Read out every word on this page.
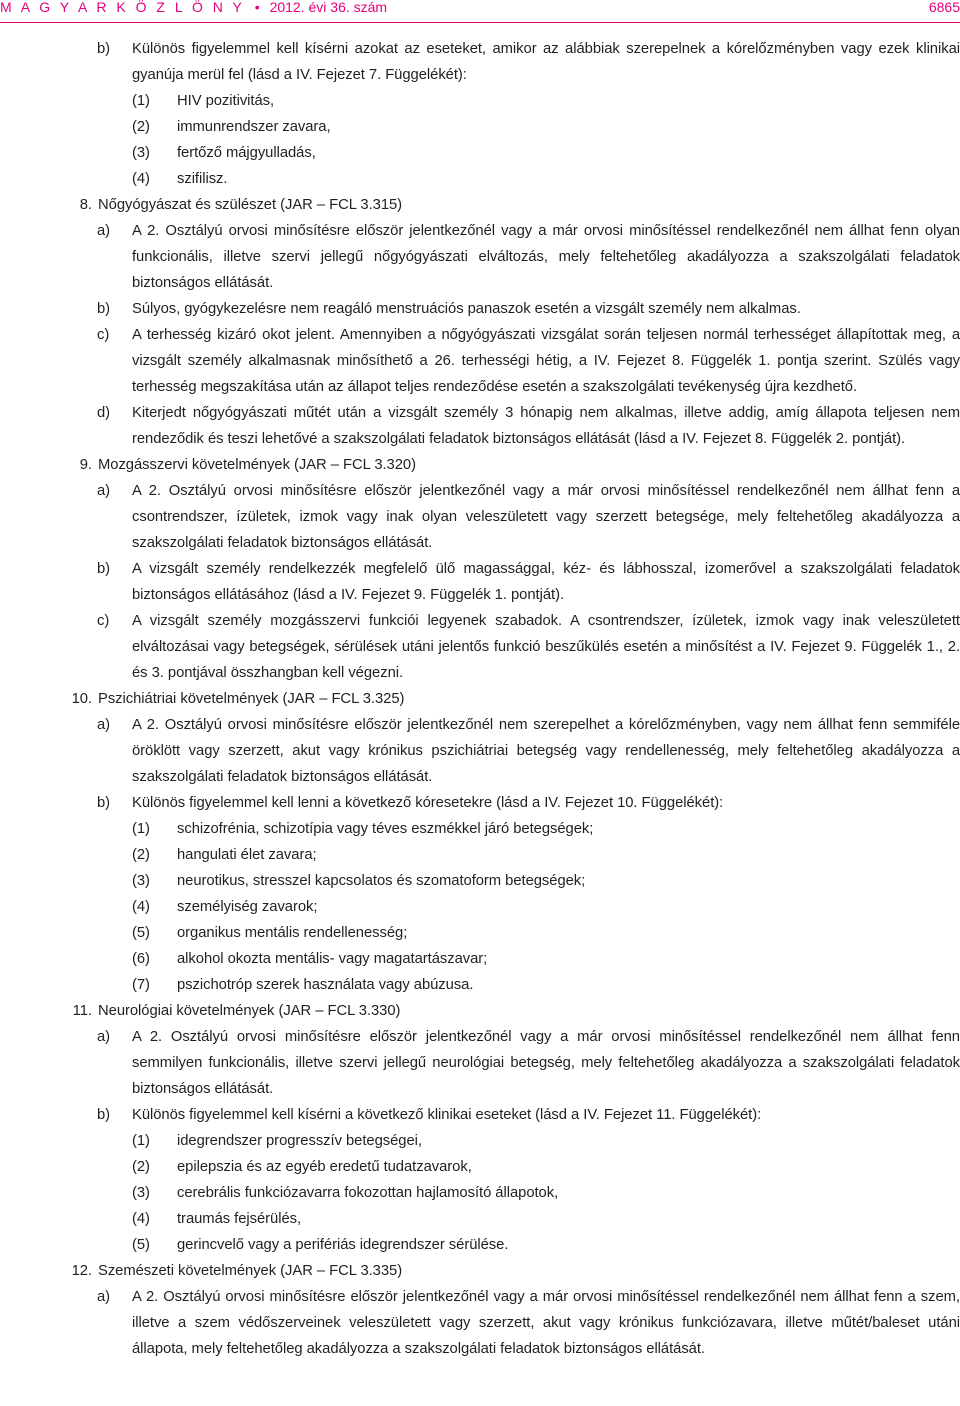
M A G Y A R K Ö Z L Ö N Y • 2012. évi 36. szám	6865
b)	Különös figyelemmel kell kísérni azokat az eseteket, amikor az alábbiak szerepelnek a kórelőzményben vagy ezek klinikai gyanúja merül fel (lásd a IV. Fejezet 7. Függelékét):
(1)	HIV pozitivitás,
(2)	immunrendszer zavara,
(3)	fertőző májgyulladás,
(4)	szifilisz.
8. Nőgyógyászat és szülészet (JAR – FCL 3.315)
a)	A 2. Osztályú orvosi minősítésre először jelentkezőnél vagy a már orvosi minősítéssel rendelkezőnél nem állhat fenn olyan funkcionális, illetve szervi jellegű nőgyógyászati elváltozás, mely feltehetőleg akadályozza a szakszolgálati feladatok biztonságos ellátását.
b)	Súlyos, gyógykezelésre nem reagáló menstruációs panaszok esetén a vizsgált személy nem alkalmas.
c)	A terhesség kizáró okot jelent. Amennyiben a nőgyógyászati vizsgálat során teljesen normál terhességet állapítottak meg, a vizsgált személy alkalmasnak minősíthető a 26. terhességi hétig, a IV. Fejezet 8. Függelék 1. pontja szerint. Szülés vagy terhesség megszakítása után az állapot teljes rendeződése esetén a szakszolgálati tevékenység újra kezdhető.
d)	Kiterjedt nőgyógyászati műtét után a vizsgált személy 3 hónapig nem alkalmas, illetve addig, amíg állapota teljesen nem rendeződik és teszi lehetővé a szakszolgálati feladatok biztonságos ellátását (lásd a IV. Fejezet 8. Függelék 2. pontját).
9. Mozgásszervi követelmények (JAR – FCL 3.320)
a)	A 2. Osztályú orvosi minősítésre először jelentkezőnél vagy a már orvosi minősítéssel rendelkezőnél nem állhat fenn a csontrendszer, ízületek, izmok vagy inak olyan veleszületett vagy szerzett betegsége, mely feltehetőleg akadályozza a szakszolgálati feladatok biztonságos ellátását.
b)	A vizsgált személy rendelkezzék megfelelő ülő magassággal, kéz- és lábhosszal, izomerővel a szakszolgálati feladatok biztonságos ellátásához (lásd a IV. Fejezet 9. Függelék 1. pontját).
c)	A vizsgált személy mozgásszervi funkciói legyenek szabadok. A csontrendszer, ízületek, izmok vagy inak veleszületett elváltozásai vagy betegségek, sérülések utáni jelentős funkció beszűkülés esetén a minősítést a IV. Fejezet 9. Függelék 1., 2. és 3. pontjával összhangban kell végezni.
10. Pszichiátriai követelmények (JAR – FCL 3.325)
a)	A 2. Osztályú orvosi minősítésre először jelentkezőnél nem szerepelhet a kórelőzményben, vagy nem állhat fenn semmiféle öröklött vagy szerzett, akut vagy krónikus pszichiátriai betegség vagy rendellenesség, mely feltehetőleg akadályozza a szakszolgálati feladatok biztonságos ellátását.
b)	Különös figyelemmel kell lenni a következő kóresetekre (lásd a IV. Fejezet 10. Függelékét):
(1)	schizofrénia, schizotípia vagy téves eszmékkel járó betegségek;
(2)	hangulati élet zavara;
(3)	neurotikus, stresszel kapcsolatos és szomatoform betegségek;
(4)	személyiség zavarok;
(5)	organikus mentális rendellenesség;
(6)	alkohol okozta mentális- vagy magatartászavar;
(7)	pszichotróp szerek használata vagy abúzusa.
11. Neurológiai követelmények (JAR – FCL 3.330)
a)	A 2. Osztályú orvosi minősítésre először jelentkezőnél vagy a már orvosi minősítéssel rendelkezőnél nem állhat fenn semmilyen funkcionális, illetve szervi jellegű neurológiai betegség, mely feltehetőleg akadályozza a szakszolgálati feladatok biztonságos ellátását.
b)	Különös figyelemmel kell kísérni a következő klinikai eseteket (lásd a IV. Fejezet 11. Függelékét):
(1)	idegrendszer progresszív betegségei,
(2)	epilepszia és az egyéb eredetű tudatzavarok,
(3)	cerebrális funkciózavarra fokozottan hajlamosító állapotok,
(4)	traumás fejsérülés,
(5)	gerincvelő vagy a perifériás idegrendszer sérülése.
12. Szemészeti követelmények (JAR – FCL 3.335)
a)	A 2. Osztályú orvosi minősítésre először jelentkezőnél vagy a már orvosi minősítéssel rendelkezőnél nem állhat fenn a szem, illetve a szem védőszerveinek veleszületett vagy szerzett, akut vagy krónikus funkciózavara, illetve műtét/baleset utáni állapota, mely feltehetőleg akadályozza a szakszolgálati feladatok biztonságos ellátását.
